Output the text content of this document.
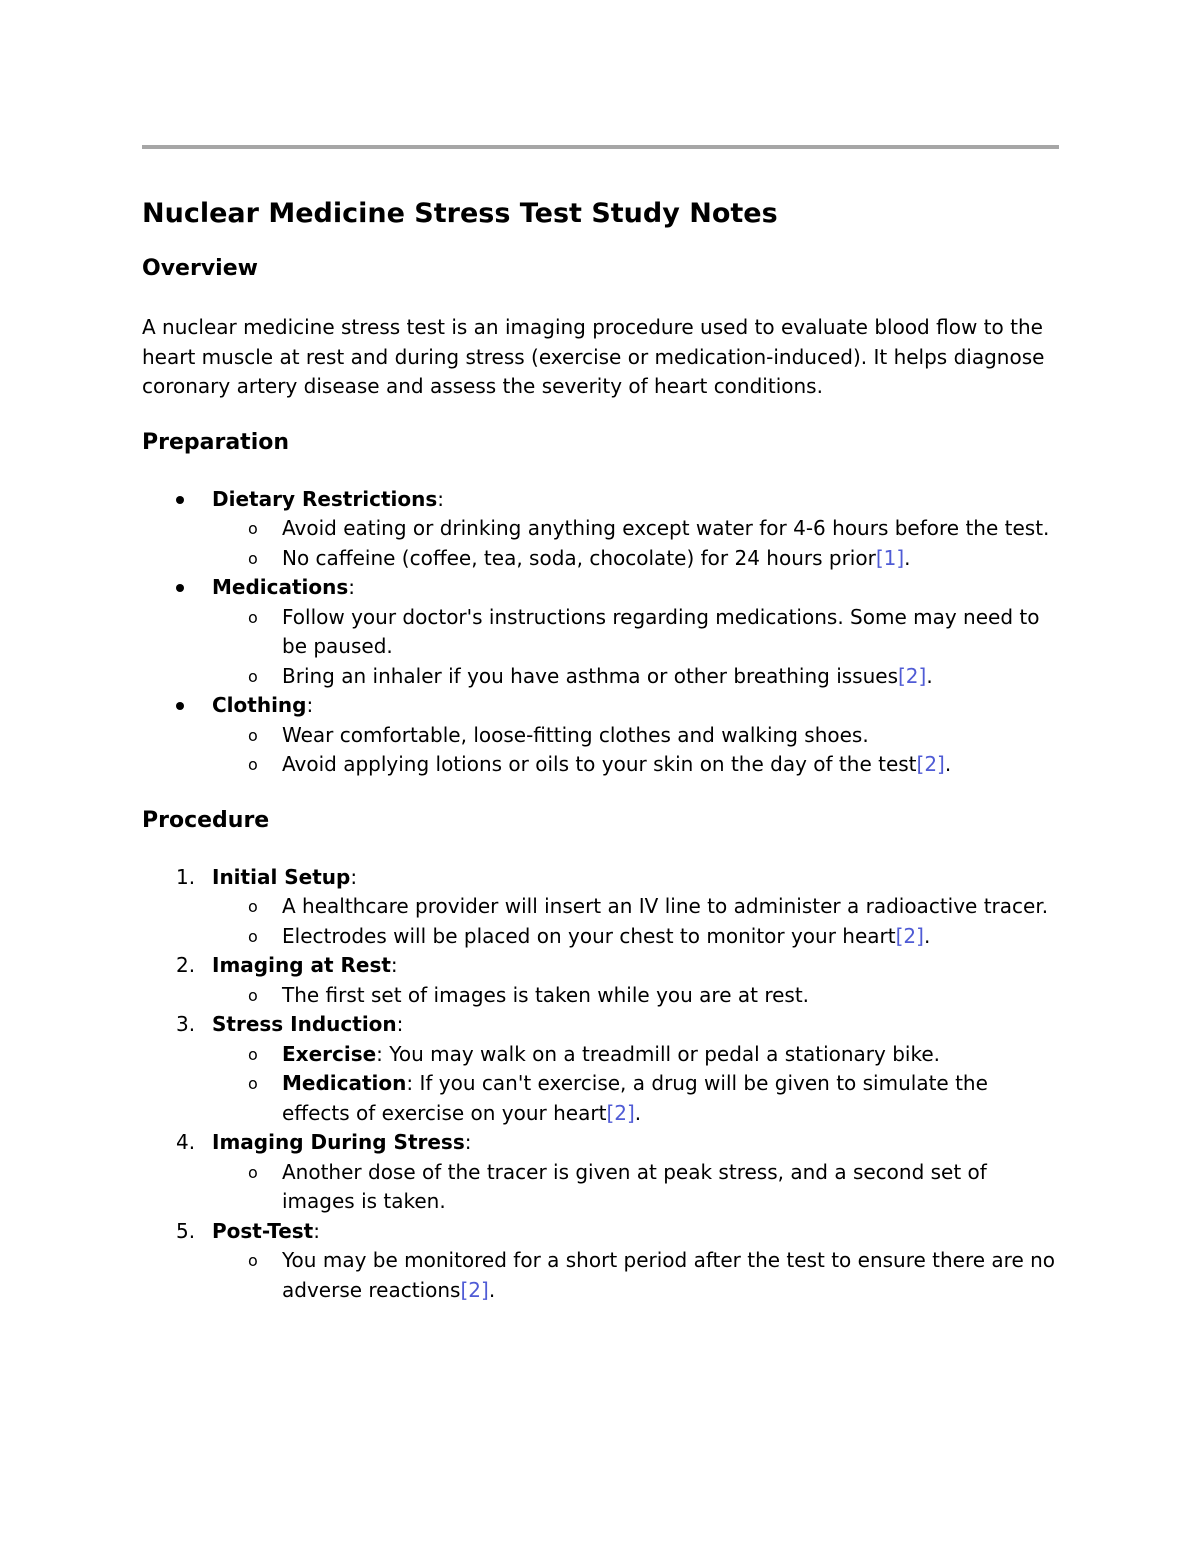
Nuclear Medicine Stress Test Study Notes
Overview

A nuclear medicine stress test is an imaging procedure used to evaluate blood flow to the heart muscle at rest and during stress (exercise or medication-induced). It helps diagnose coronary artery disease and assess the severity of heart conditions.

Preparation
Dietary Restrictions:
o Avoid eating or drinking anything except water for 4-6 hours before the test.
o No caffeine (coffee, tea, soda, chocolate) for 24 hours prior[1].
Medications:
o Follow your doctor's instructions regarding medications. Some may need to be paused.
o Bring an inhaler if you have asthma or other breathing issues[2].
Clothing:
o Wear comfortable, loose-fitting clothes and walking shoes.
o Avoid applying lotions or oils to your skin on the day of the test[2].
Procedure
1. Initial Setup:
o A healthcare provider will insert an IV line to administer a radioactive tracer.
o Electrodes will be placed on your chest to monitor your heart[2].
2. Imaging at Rest:
o The first set of images is taken while you are at rest.
3. Stress Induction:
o Exercise: You may walk on a treadmill or pedal a stationary bike.
o Medication: If you can't exercise, a drug will be given to simulate the effects of exercise on your heart[2].
4. Imaging During Stress:
o Another dose of the tracer is given at peak stress, and a second set of images is taken.
5. Post-Test:
o You may be monitored for a short period after the test to ensure there are no adverse reactions[2].
